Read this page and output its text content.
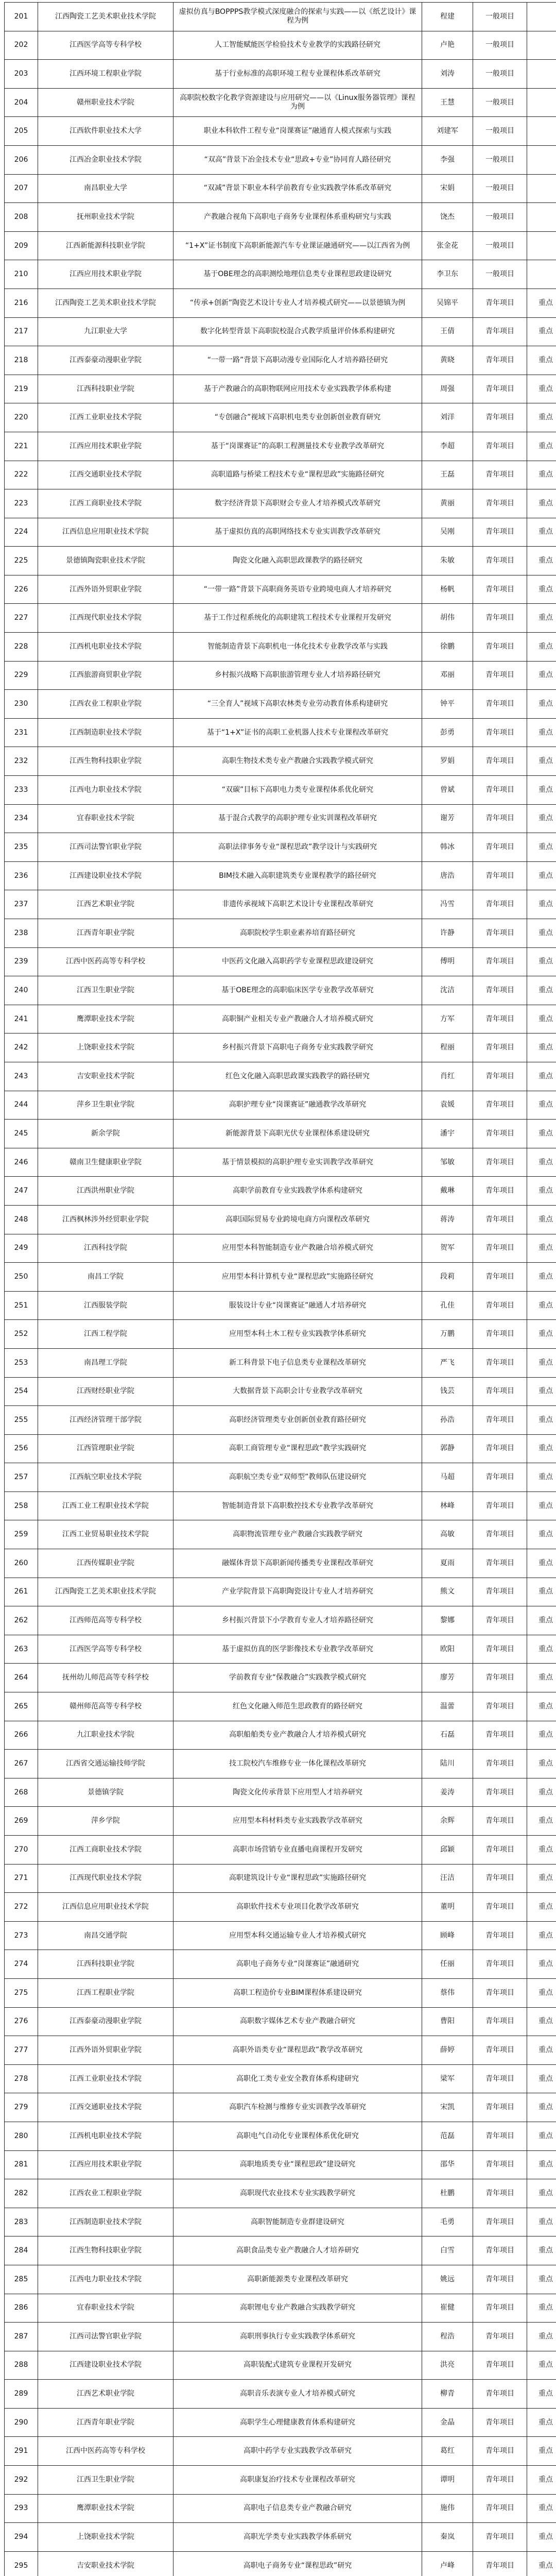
201	江西陶瓷工艺美术职业技术学院	虚拟仿真与BOPPPS教学模式深度融合的探索与实践——以《纸艺设计》课程为例	程建	一般项目	
202	江西医学高等专科学校	人工智能赋能医学检验技术专业教学的实践路径研究	卢艳	一般项目	
203	江西环境工程职业学院	基于行业标准的高职环境工程专业课程体系改革研究	刘涛	一般项目	
204	赣州职业技术学院	高职院校数字化教学资源建设与应用研究——以《Linux服务器管理》课程为例	王慧	一般项目	
205	江西软件职业技术大学	职业本科软件工程专业“岗课赛证”融通育人模式探索与实践	刘建军	一般项目	
206	江西冶金职业技术学院	“双高”背景下冶金技术专业“思政+专业”协同育人路径研究	李强	一般项目	
207	南昌职业大学	“双减”背景下职业本科学前教育专业实践教学体系改革研究	宋娟	一般项目	
208	抚州职业技术学院	产教融合视角下高职电子商务专业课程体系重构研究与实践	饶杰	一般项目	
209	江西新能源科技职业学院	“1+X”证书制度下高职新能源汽车专业课证融通研究——以江西省为例	张金花	一般项目	
210	江西应用技术职业学院	基于OBE理念的高职测绘地理信息类专业课程思政建设研究	李卫东	一般项目	
216	江西陶瓷工艺美术职业技术学院	“传承+创新”陶瓷艺术设计专业人才培养模式研究——以景德镇为例	吴锦平	青年项目	重点
217	九江职业大学	数字化转型背景下高职院校混合式教学质量评价体系构建研究	王倩	青年项目	重点
218	江西泰豪动漫职业学院	“一带一路”背景下高职动漫专业国际化人才培养路径研究	黄晓	青年项目	重点
219	江西科技职业学院	基于产教融合的高职物联网应用技术专业实践教学体系构建	周强	青年项目	重点
220	江西工业职业技术学院	“专创融合”视域下高职机电类专业创新创业教育研究	刘洋	青年项目	重点
221	江西应用技术职业学院	基于“岗课赛证”的高职工程测量技术专业教学改革研究	李超	青年项目	重点
222	江西交通职业技术学院	高职道路与桥梁工程技术专业“课程思政”实施路径研究	王磊	青年项目	重点
223	江西工商职业技术学院	数字经济背景下高职财会专业人才培养模式改革研究	黄丽	青年项目	重点
224	江西信息应用职业技术学院	基于虚拟仿真的高职网络技术专业实训教学改革研究	吴刚	青年项目	重点
225	景德镇陶瓷职业技术学院	陶瓷文化融入高职思政课教学的路径研究	朱敏	青年项目	重点
226	江西外语外贸职业学院	“一带一路”背景下高职商务英语专业跨境电商人才培养研究	杨帆	青年项目	重点
227	江西现代职业技术学院	基于工作过程系统化的高职建筑工程技术专业课程开发研究	胡伟	青年项目	重点
228	江西机电职业技术学院	智能制造背景下高职机电一体化技术专业教学改革与实践	徐鹏	青年项目	重点
229	江西旅游商贸职业学院	乡村振兴战略下高职旅游管理专业人才培养路径研究	邓丽	青年项目	重点
230	江西农业工程职业学院	“三全育人”视域下高职农林类专业劳动教育体系构建研究	钟平	青年项目	重点
231	江西制造职业技术学院	基于“1+X”证书的高职工业机器人技术专业课程改革研究	彭勇	青年项目	重点
232	江西生物科技职业学院	高职生物技术类专业产教融合实践教学模式研究	罗娟	青年项目	重点
233	江西电力职业技术学院	“双碳”目标下高职电力类专业课程体系优化研究	曾斌	青年项目	重点
234	宜春职业技术学院	基于混合式教学的高职护理专业实训课程改革研究	谢芳	青年项目	重点
235	江西司法警官职业学院	高职法律事务专业“课程思政”教学设计与实践研究	韩冰	青年项目	重点
236	江西建设职业技术学院	BIM技术融入高职建筑类专业课程教学的路径研究	唐浩	青年项目	重点
237	江西艺术职业学院	非遗传承视域下高职艺术设计专业课程改革研究	冯雪	青年项目	重点
238	江西青年职业学院	高职院校学生职业素养培育路径研究	许静	青年项目	重点
239	江西中医药高等专科学校	中医药文化融入高职药学专业课程思政建设研究	傅明	青年项目	重点
240	江西卫生职业学院	基于OBE理念的高职临床医学专业教学改革研究	沈洁	青年项目	重点
241	鹰潭职业技术学院	高职铜产业相关专业产教融合人才培养模式研究	方军	青年项目	重点
242	上饶职业技术学院	乡村振兴背景下高职电子商务专业实践教学研究	程丽	青年项目	重点
243	吉安职业技术学院	红色文化融入高职思政课实践教学的路径研究	肖红	青年项目	重点
244	萍乡卫生职业学院	高职护理专业“岗课赛证”融通教学改革研究	袁媛	青年项目	重点
245	新余学院	新能源背景下高职光伏专业课程体系建设研究	潘宇	青年项目	重点
246	赣南卫生健康职业学院	基于情景模拟的高职护理专业实训教学改革研究	邹敏	青年项目	重点
247	江西洪州职业学院	高职学前教育专业实践教学体系构建研究	戴琳	青年项目	重点
248	江西枫林涉外经贸职业学院	高职国际贸易专业跨境电商方向课程改革研究	蒋涛	青年项目	重点
249	江西科技学院	应用型本科智能制造专业产教融合培养模式研究	贺军	青年项目	重点
250	南昌工学院	应用型本科计算机专业“课程思政”实施路径研究	段莉	青年项目	重点
251	江西服装学院	服装设计专业“岗课赛证”融通人才培养研究	孔佳	青年项目	重点
252	江西工程学院	应用型本科土木工程专业实践教学体系研究	万鹏	青年项目	重点
253	南昌理工学院	新工科背景下电子信息类专业课程改革研究	严飞	青年项目	重点
254	江西财经职业学院	大数据背景下高职会计专业教学改革研究	钱芸	青年项目	重点
255	江西经济管理干部学院	高职经济管理类专业创新创业教育路径研究	孙浩	青年项目	重点
256	江西管理职业学院	高职工商管理专业“课程思政”教学实践研究	郭静	青年项目	重点
257	江西航空职业技术学院	高职航空类专业“双师型”教师队伍建设研究	马超	青年项目	重点
258	江西工业工程职业技术学院	智能制造背景下高职数控技术专业教学改革研究	林峰	青年项目	重点
259	江西工业贸易职业技术学院	高职物流管理专业产教融合实践教学研究	高敏	青年项目	重点
260	江西传媒职业学院	融媒体背景下高职新闻传播类专业课程改革研究	夏雨	青年项目	重点
261	江西陶瓷工艺美术职业技术学院	产业学院背景下高职陶瓷设计专业人才培养研究	熊文	青年项目	重点
262	江西师范高等专科学校	乡村振兴背景下小学教育专业人才培养路径研究	黎娜	青年项目	重点
263	江西医学高等专科学校	基于虚拟仿真的医学影像技术专业教学改革研究	欧阳	青年项目	重点
264	抚州幼儿师范高等专科学校	学前教育专业“保教融合”实践教学模式研究	廖芳	青年项目	重点
265	赣州师范高等专科学校	红色文化融入师范生思政教育的路径研究	温蕾	青年项目	重点
266	九江职业技术学院	高职船舶类专业产教融合人才培养模式研究	石磊	青年项目	重点
267	江西省交通运输技师学院	技工院校汽车维修专业一体化课程改革研究	陆川	青年项目	重点
268	景德镇学院	陶瓷文化传承背景下应用型人才培养研究	姜涛	青年项目	重点
269	萍乡学院	应用型本科材料类专业实践教学改革研究	余辉	青年项目	重点
270	江西工商职业技术学院	高职市场营销专业直播电商课程开发研究	邱颖	青年项目	重点
271	江西现代职业技术学院	高职建筑设计专业“课程思政”实施路径研究	汪洁	青年项目	重点
272	江西信息应用职业技术学院	高职软件技术专业项目化教学改革研究	董明	青年项目	重点
273	南昌交通学院	应用型本科交通运输专业人才培养模式研究	顾峰	青年项目	重点
274	江西科技职业学院	高职电子商务专业“岗课赛证”融通研究	任丽	青年项目	重点
275	江西工程职业学院	高职工程造价专业BIM课程体系建设研究	蔡伟	青年项目	重点
276	江西泰豪动漫职业学院	高职数字媒体艺术专业产教融合研究	曹阳	青年项目	重点
277	江西外语外贸职业学院	高职外语类专业“课程思政”教学改革研究	薛婷	青年项目	重点
278	江西工业职业技术学院	高职化工类专业安全教育体系构建研究	梁军	青年项目	重点
279	江西交通职业技术学院	高职汽车检测与维修专业实训教学改革研究	宋凯	青年项目	重点
280	江西机电职业技术学院	高职电气自动化专业课程体系优化研究	范磊	青年项目	重点
281	江西应用技术职业学院	高职地质类专业“课程思政”建设研究	邵华	青年项目	重点
282	江西农业工程职业学院	高职现代农业技术专业实践教学研究	杜鹏	青年项目	重点
283	江西制造职业技术学院	高职智能制造专业群建设研究	毛勇	青年项目	重点
284	江西生物科技职业学院	高职食品类专业产教融合人才培养研究	白雪	青年项目	重点
285	江西电力职业技术学院	高职新能源类专业课程改革研究	姚远	青年项目	重点
286	宜春职业技术学院	高职锂电专业产教融合实践教学研究	崔健	青年项目	重点
287	江西司法警官职业学院	高职刑事执行专业实践教学体系研究	程浩	青年项目	重点
288	江西建设职业技术学院	高职装配式建筑专业课程开发研究	洪亮	青年项目	重点
289	江西艺术职业学院	高职音乐表演专业人才培养模式研究	柳青	青年项目	重点
290	江西青年职业学院	高职学生心理健康教育体系构建研究	金晶	青年项目	重点
291	江西中医药高等专科学校	高职中药学专业实践教学改革研究	葛红	青年项目	重点
292	江西卫生职业学院	高职康复治疗技术专业课程改革研究	谭明	青年项目	重点
293	鹰潭职业技术学院	高职电子信息类专业产教融合研究	施伟	青年项目	重点
294	上饶职业技术学院	高职光学类专业实践教学体系研究	秦岚	青年项目	重点
295	吉安职业技术学院	高职电子商务专业“课程思政”研究	卢峰	青年项目	重点
